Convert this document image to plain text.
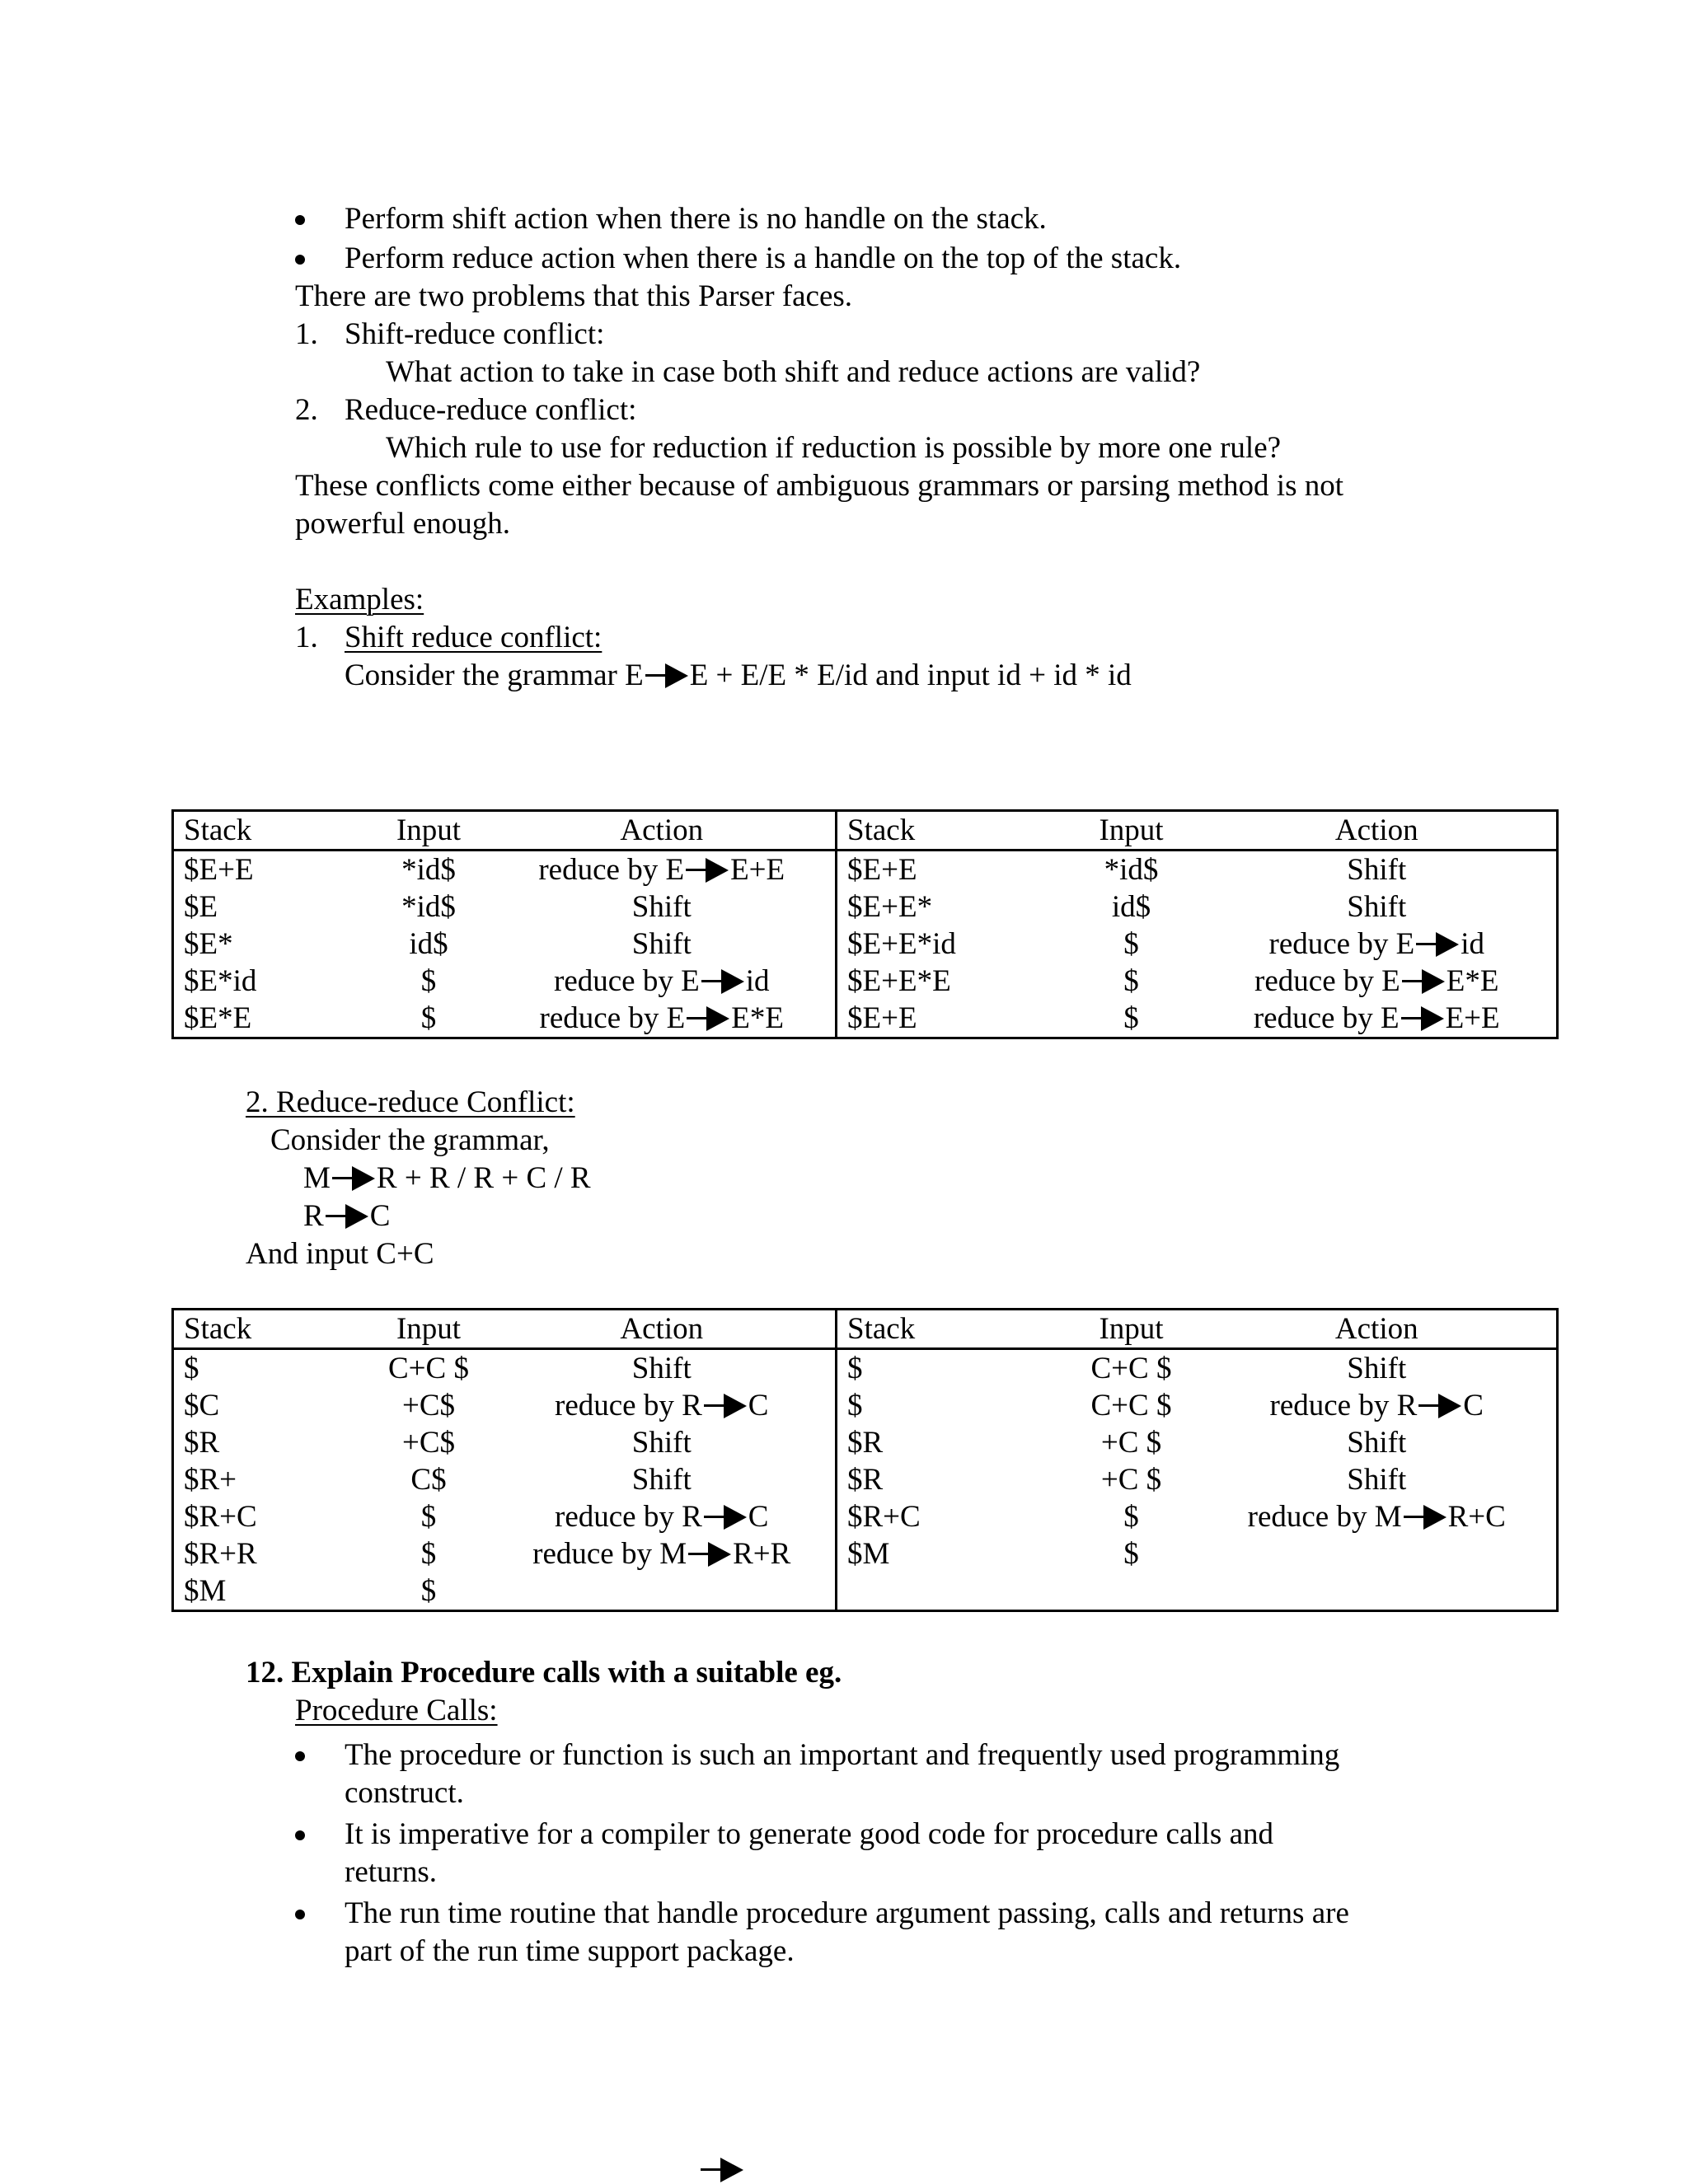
Perform shift action when there is no handle on the stack.
Perform reduce action when there is a handle on the top of the stack.
There are two problems that this Parser faces.
1. Shift-reduce conflict:
What action to take in case both shift and reduce actions are valid?
2. Reduce-reduce conflict:
Which rule to use for reduction if reduction is possible by more one rule?
These conflicts come either because of ambiguous grammars or parsing method is not
powerful enough.
Examples:
1. Shift reduce conflict:
Consider the grammar E E + E/E * E/id and input id + id * id
Stack	Input	Action	Stack	Input	Action
$E+E	*id$	reduce by E E+E	$E+E	*id$	Shift
$E	*id$	Shift	$E+E*	id$	Shift
$E*	id$	Shift	$E+E*id	$	reduce by E id
$E*id	$	reduce by E id	$E+E*E	$	reduce by E E*E
$E*E	$	reduce by E E*E	$E+E	$	reduce by E E+E
2. Reduce-reduce Conflict:
Consider the grammar,
M R + R / R + C / R
R C
And input C+C
Stack	Input	Action	Stack	Input	Action
$	C+C $	Shift	$	C+C $	Shift
$C	+C$	reduce by R C	$	C+C $	reduce by R C
$R	+C$	Shift	$R	+C $	Shift
$R+	C$	Shift	$R	+C $	Shift
$R+C	$	reduce by R C	$R+C	$	reduce by M R+C
$R+R	$	reduce by M R+R	$M	$	
$M	$				
12. Explain Procedure calls with a suitable eg.
Procedure Calls:
The procedure or function is such an important and frequently used programming
construct.
It is imperative for a compiler to generate good code for procedure calls and
returns.
The run time routine that handle procedure argument passing, calls and returns are
part of the run time support package.
